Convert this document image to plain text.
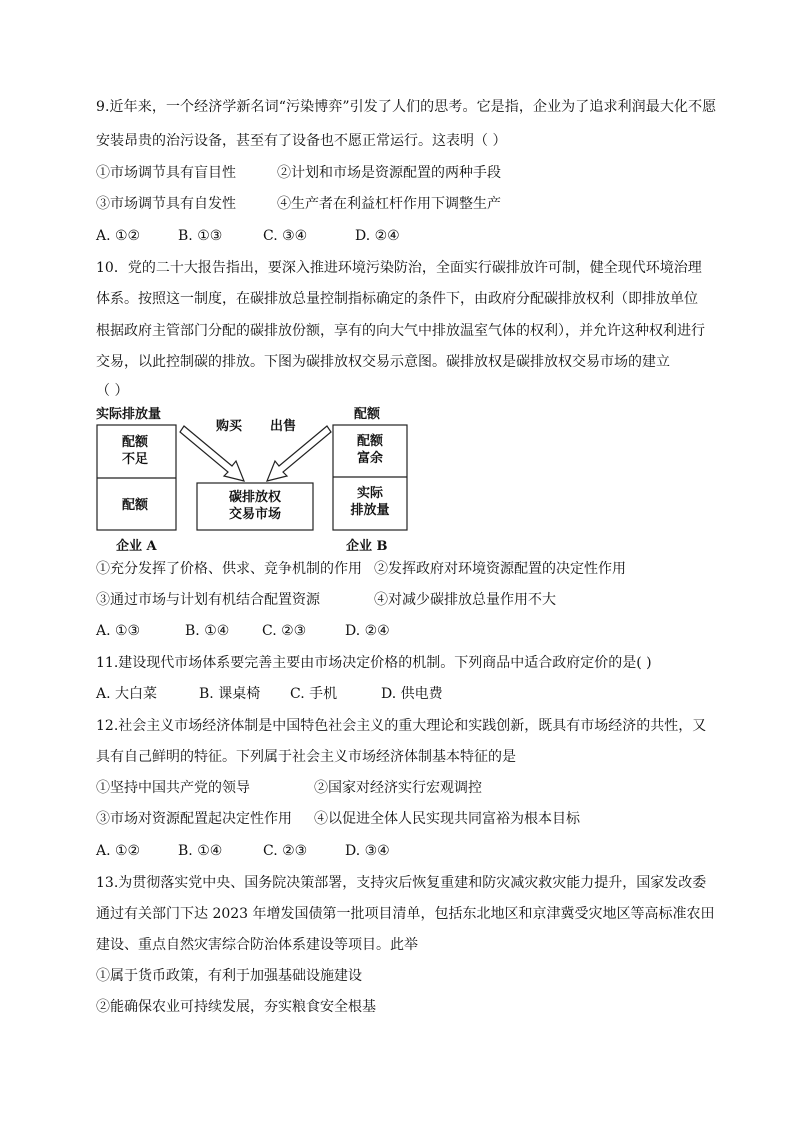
9.近年来，一个经济学新名词“污染博弈”引发了人们的思考。它是指，企业为了追求利润最大化不愿
安装昂贵的治污设备，甚至有了设备也不愿正常运行。这表明（ ）
①市场调节具有盲目性	②计划和市场是资源配置的两种手段
③市场调节具有自发性	④生产者在利益杠杆作用下调整生产
A. ①②	B. ①③	C. ③④	D. ②④
10．党的二十大报告指出，要深入推进环境污染防治，全面实行碳排放许可制，健全现代环境治理
体系。按照这一制度，在碳排放总量控制指标确定的条件下，由政府分配碳排放权利（即排放单位
根据政府主管部门分配的碳排放份额，享有的向大气中排放温室气体的权利），并允许这种权利进行
交易，以此控制碳的排放。下图为碳排放权交易示意图。碳排放权是碳排放权交易市场的建立
（ ）
实际排放量
配额
不足
配额
企业 A
购买 出售
碳排放权
交易市场
配额
配额
富余
实际
排放量
企业 B
①充分发挥了价格、供求、竞争机制的作用 ②发挥政府对环境资源配置的决定性作用
③通过市场与计划有机结合配置资源	④对减少碳排放总量作用不大
A. ①③	B. ①④ C. ②③	D. ②④
11.建设现代市场体系要完善主要由市场决定价格的机制。下列商品中适合政府定价的是( )
A. 大白菜	B. 课桌椅 C. 手机	D. 供电费
12.社会主义市场经济体制是中国特色社会主义的重大理论和实践创新，既具有市场经济的共性，又
具有自己鲜明的特征。下列属于社会主义市场经济体制基本特征的是
①坚持中国共产党的领导	②国家对经济实行宏观调控
③市场对资源配置起决定性作用 ④以促进全体人民实现共同富裕为根本目标
A. ①②	B. ①④	C. ②③	D. ③④
13.为贯彻落实党中央、国务院决策部署，支持灾后恢复重建和防灾减灾救灾能力提升，国家发改委
通过有关部门下达 2023 年增发国债第一批项目清单，包括东北地区和京津冀受灾地区等高标准农田
建设、重点自然灾害综合防治体系建设等项目。此举
①属于货币政策，有利于加强基础设施建设
②能确保农业可持续发展，夯实粮食安全根基
